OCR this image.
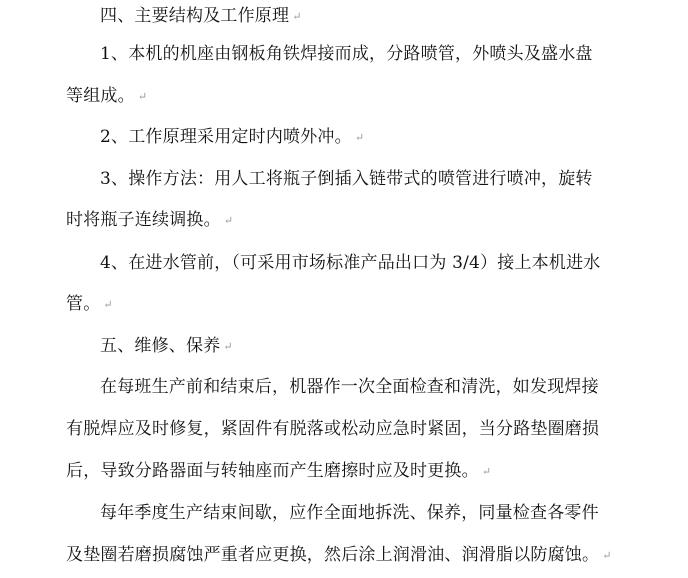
四、主要结构及工作原理 ↵
1、本机的机座由钢板角铁焊接而成，分路喷管，外喷头及盛水盘
等组成。 ↵
2、工作原理采用定时内喷外冲。 ↵
3、操作方法：用人工将瓶子倒插入链带式的喷管进行喷冲，旋转
时将瓶子连续调换。 ↵
4、在进水管前，（可采用市场标准产品出口为 3/4）接上本机进水
管。 ↵
五、维修、保养 ↵
在每班生产前和结束后，机器作一次全面检查和清洗，如发现焊接
有脱焊应及时修复，紧固件有脱落或松动应急时紧固，当分路垫圈磨损
后，导致分路器面与转轴座而产生磨擦时应及时更换。 ↵
每年季度生产结束间歇，应作全面地拆洗、保养，同量检查各零件
及垫圈若磨损腐蚀严重者应更换，然后涂上润滑油、润滑脂以防腐蚀。 ↵
